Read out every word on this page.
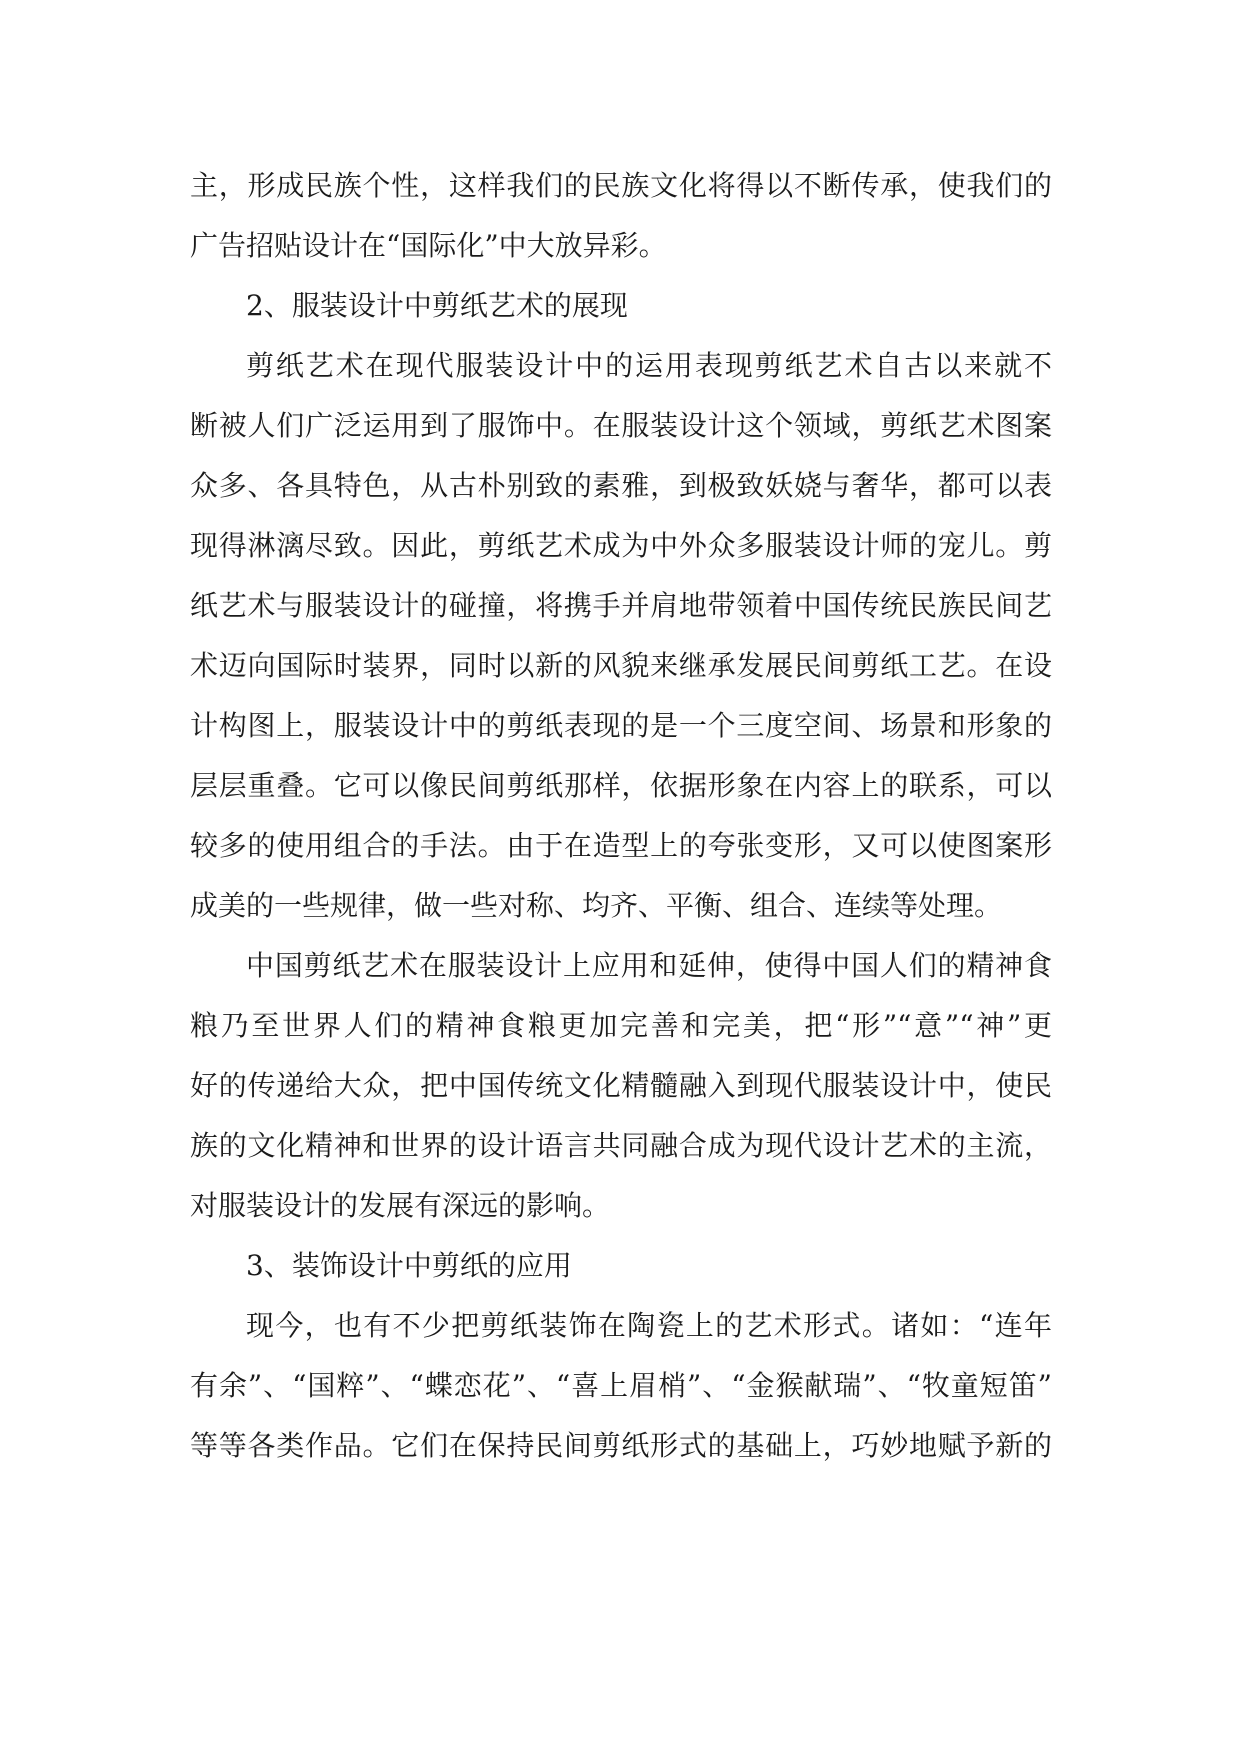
主，形成民族个性，这样我们的民族文化将得以不断传承，使我们的
广告招贴设计在“国际化”中大放异彩。
2、服装设计中剪纸艺术的展现
剪纸艺术在现代服装设计中的运用表现剪纸艺术自古以来就不
断被人们广泛运用到了服饰中。在服装设计这个领域，剪纸艺术图案
众多、各具特色，从古朴别致的素雅，到极致妖娆与奢华，都可以表
现得淋漓尽致。因此，剪纸艺术成为中外众多服装设计师的宠儿。剪
纸艺术与服装设计的碰撞，将携手并肩地带领着中国传统民族民间艺
术迈向国际时装界，同时以新的风貌来继承发展民间剪纸工艺。在设
计构图上，服装设计中的剪纸表现的是一个三度空间、场景和形象的
层层重叠。它可以像民间剪纸那样，依据形象在内容上的联系，可以
较多的使用组合的手法。由于在造型上的夸张变形，又可以使图案形
成美的一些规律，做一些对称、均齐、平衡、组合、连续等处理。
中国剪纸艺术在服装设计上应用和延伸，使得中国人们的精神食
粮乃至世界人们的精神食粮更加完善和完美，把“形”“意”“神”更
好的传递给大众，把中国传统文化精髓融入到现代服装设计中，使民
族的文化精神和世界的设计语言共同融合成为现代设计艺术的主流，
对服装设计的发展有深远的影响。
3、装饰设计中剪纸的应用
现今，也有不少把剪纸装饰在陶瓷上的艺术形式。诸如：“连年
有余”、“国粹”、“蝶恋花”、“喜上眉梢”、“金猴献瑞”、“牧童短笛”
等等各类作品。它们在保持民间剪纸形式的基础上，巧妙地赋予新的
